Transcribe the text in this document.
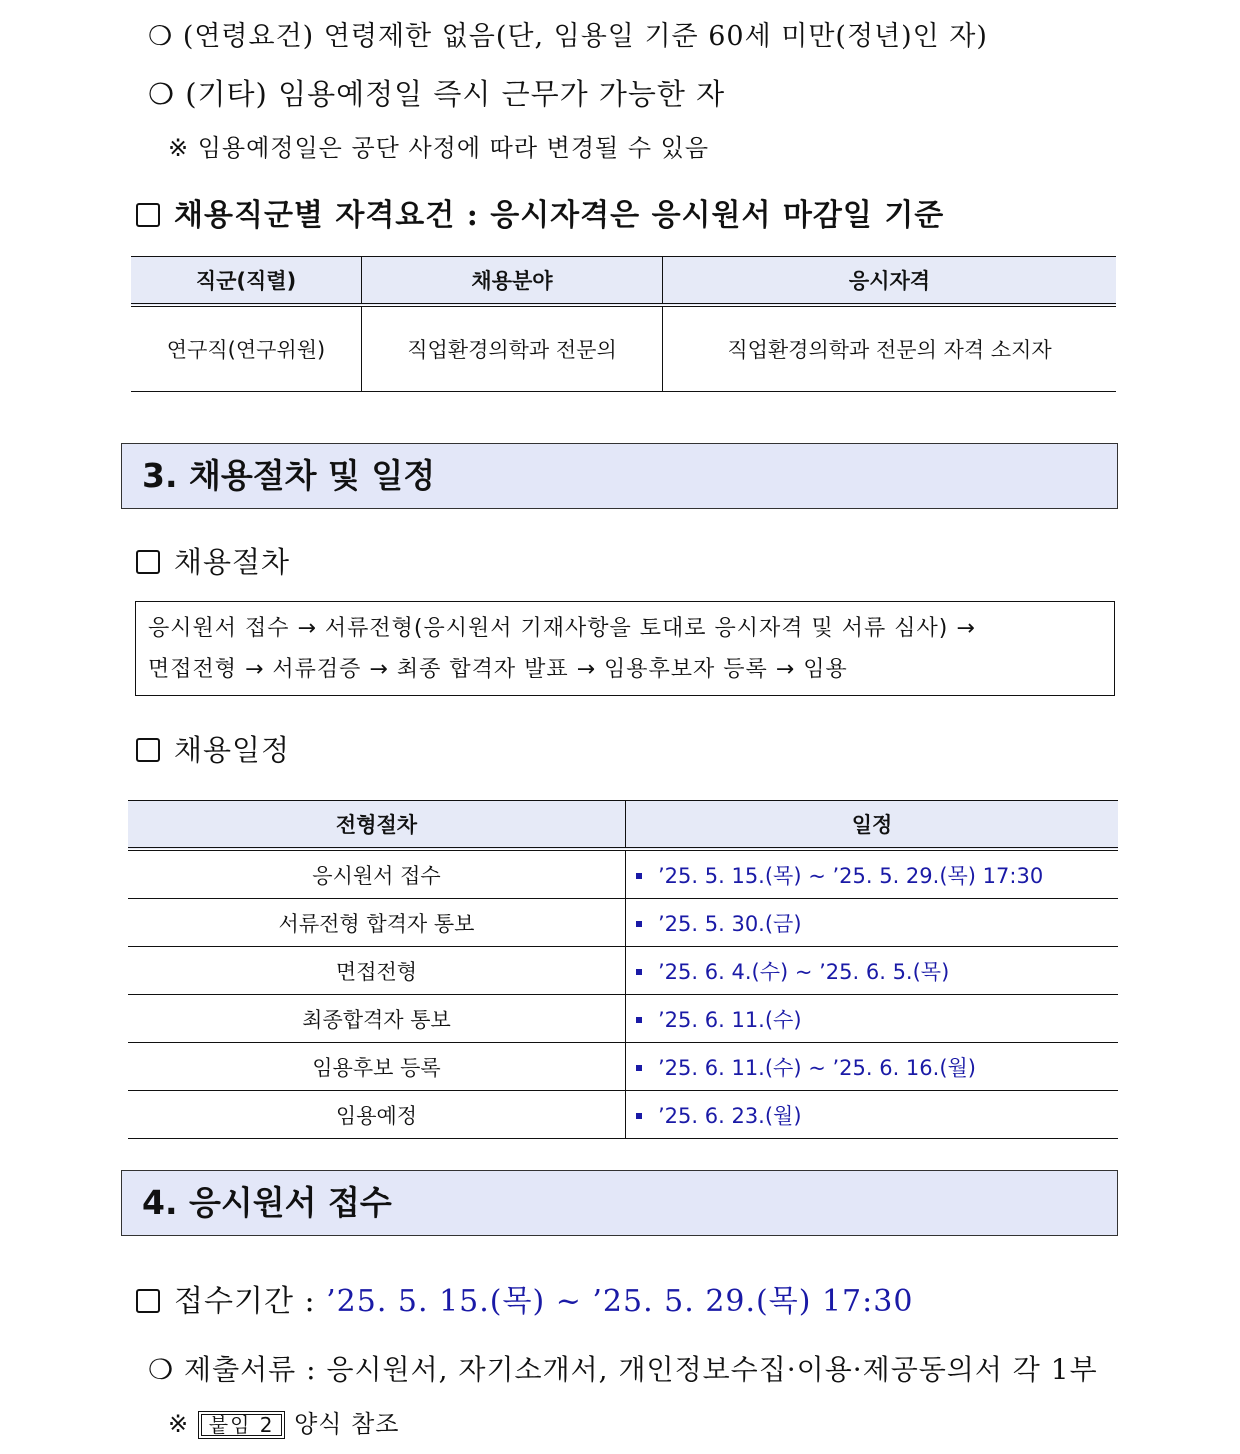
❍ (연령요건) 연령제한 없음(단, 임용일 기준 60세 미만(정년)인 자)
❍ (기타) 임용예정일 즉시 근무가 가능한 자
※ 임용예정일은 공단 사정에 따라 변경될 수 있음
채용직군별 자격요건 : 응시자격은 응시원서 마감일 기준
직군(직렬)	채용분야	응시자격
연구직(연구위원)	직업환경의학과 전문의	직업환경의학과 전문의 자격 소지자
3. 채용절차 및 일정
채용절차
응시원서 접수 → 서류전형(응시원서 기재사항을 토대로 응시자격 및 서류 심사) →
면접전형 → 서류검증 → 최종 합격자 발표 → 임용후보자 등록 → 임용
채용일정
전형절차	일정
응시원서 접수	’25. 5. 15.(목) ~ ’25. 5. 29.(목) 17:30
서류전형 합격자 통보	’25. 5. 30.(금)
면접전형	’25. 6. 4.(수) ~ ’25. 6. 5.(목)
최종합격자 통보	’25. 6. 11.(수)
임용후보 등록	’25. 6. 11.(수) ~ ’25. 6. 16.(월)
임용예정	’25. 6. 23.(월)
4. 응시원서 접수
접수기간 : ’25. 5. 15.(목) ~ ’25. 5. 29.(목) 17:30
❍ 제출서류 : 응시원서, 자기소개서, 개인정보수집·이용·제공동의서 각 1부
※ 붙임 2 양식 참조
